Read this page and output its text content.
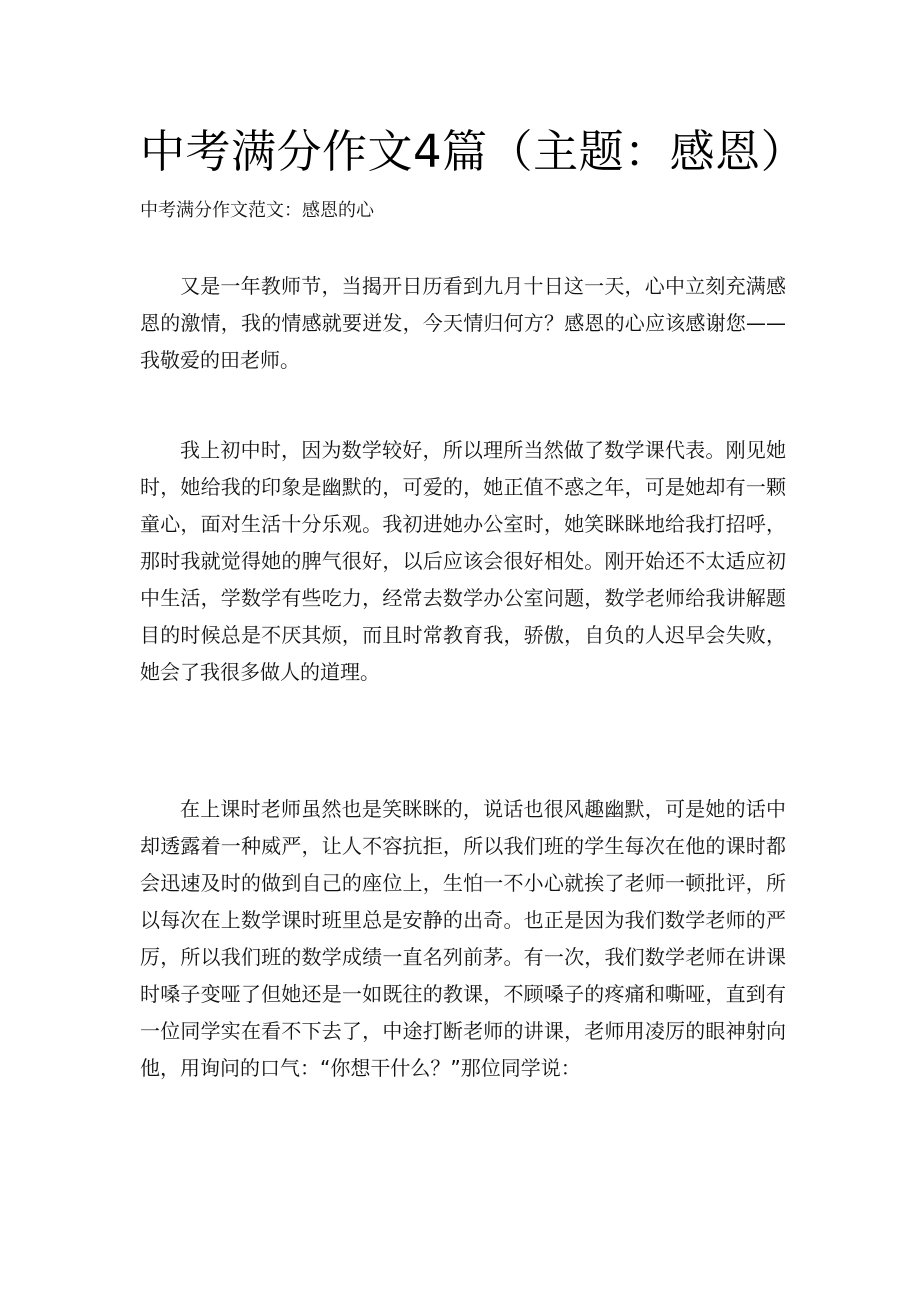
中考满分作文4篇（主题：感恩）
中考满分作文范文：感恩的心

又是一年教师节，当揭开日历看到九月十日这一天，心中立刻充满感恩的激情，我的情感就要迸发，今天情归何方？感恩的心应该感谢您——我敬爱的田老师。

我上初中时，因为数学较好，所以理所当然做了数学课代表。刚见她时，她给我的印象是幽默的，可爱的，她正值不惑之年，可是她却有一颗童心，面对生活十分乐观。我初进她办公室时，她笑眯眯地给我打招呼，那时我就觉得她的脾气很好，以后应该会很好相处。刚开始还不太适应初中生活，学数学有些吃力，经常去数学办公室问题，数学老师给我讲解题目的时候总是不厌其烦，而且时常教育我，骄傲，自负的人迟早会失败，她会了我很多做人的道理。

在上课时老师虽然也是笑眯眯的，说话也很风趣幽默，可是她的话中却透露着一种威严，让人不容抗拒，所以我们班的学生每次在他的课时都会迅速及时的做到自己的座位上，生怕一不小心就挨了老师一顿批评，所以每次在上数学课时班里总是安静的出奇。也正是因为我们数学老师的严厉，所以我们班的数学成绩一直名列前茅。有一次，我们数学老师在讲课时嗓子变哑了但她还是一如既往的教课，不顾嗓子的疼痛和嘶哑，直到有一位同学实在看不下去了，中途打断老师的讲课，老师用凌厉的眼神射向他，用询问的口气：“你想干什么？”那位同学说：
